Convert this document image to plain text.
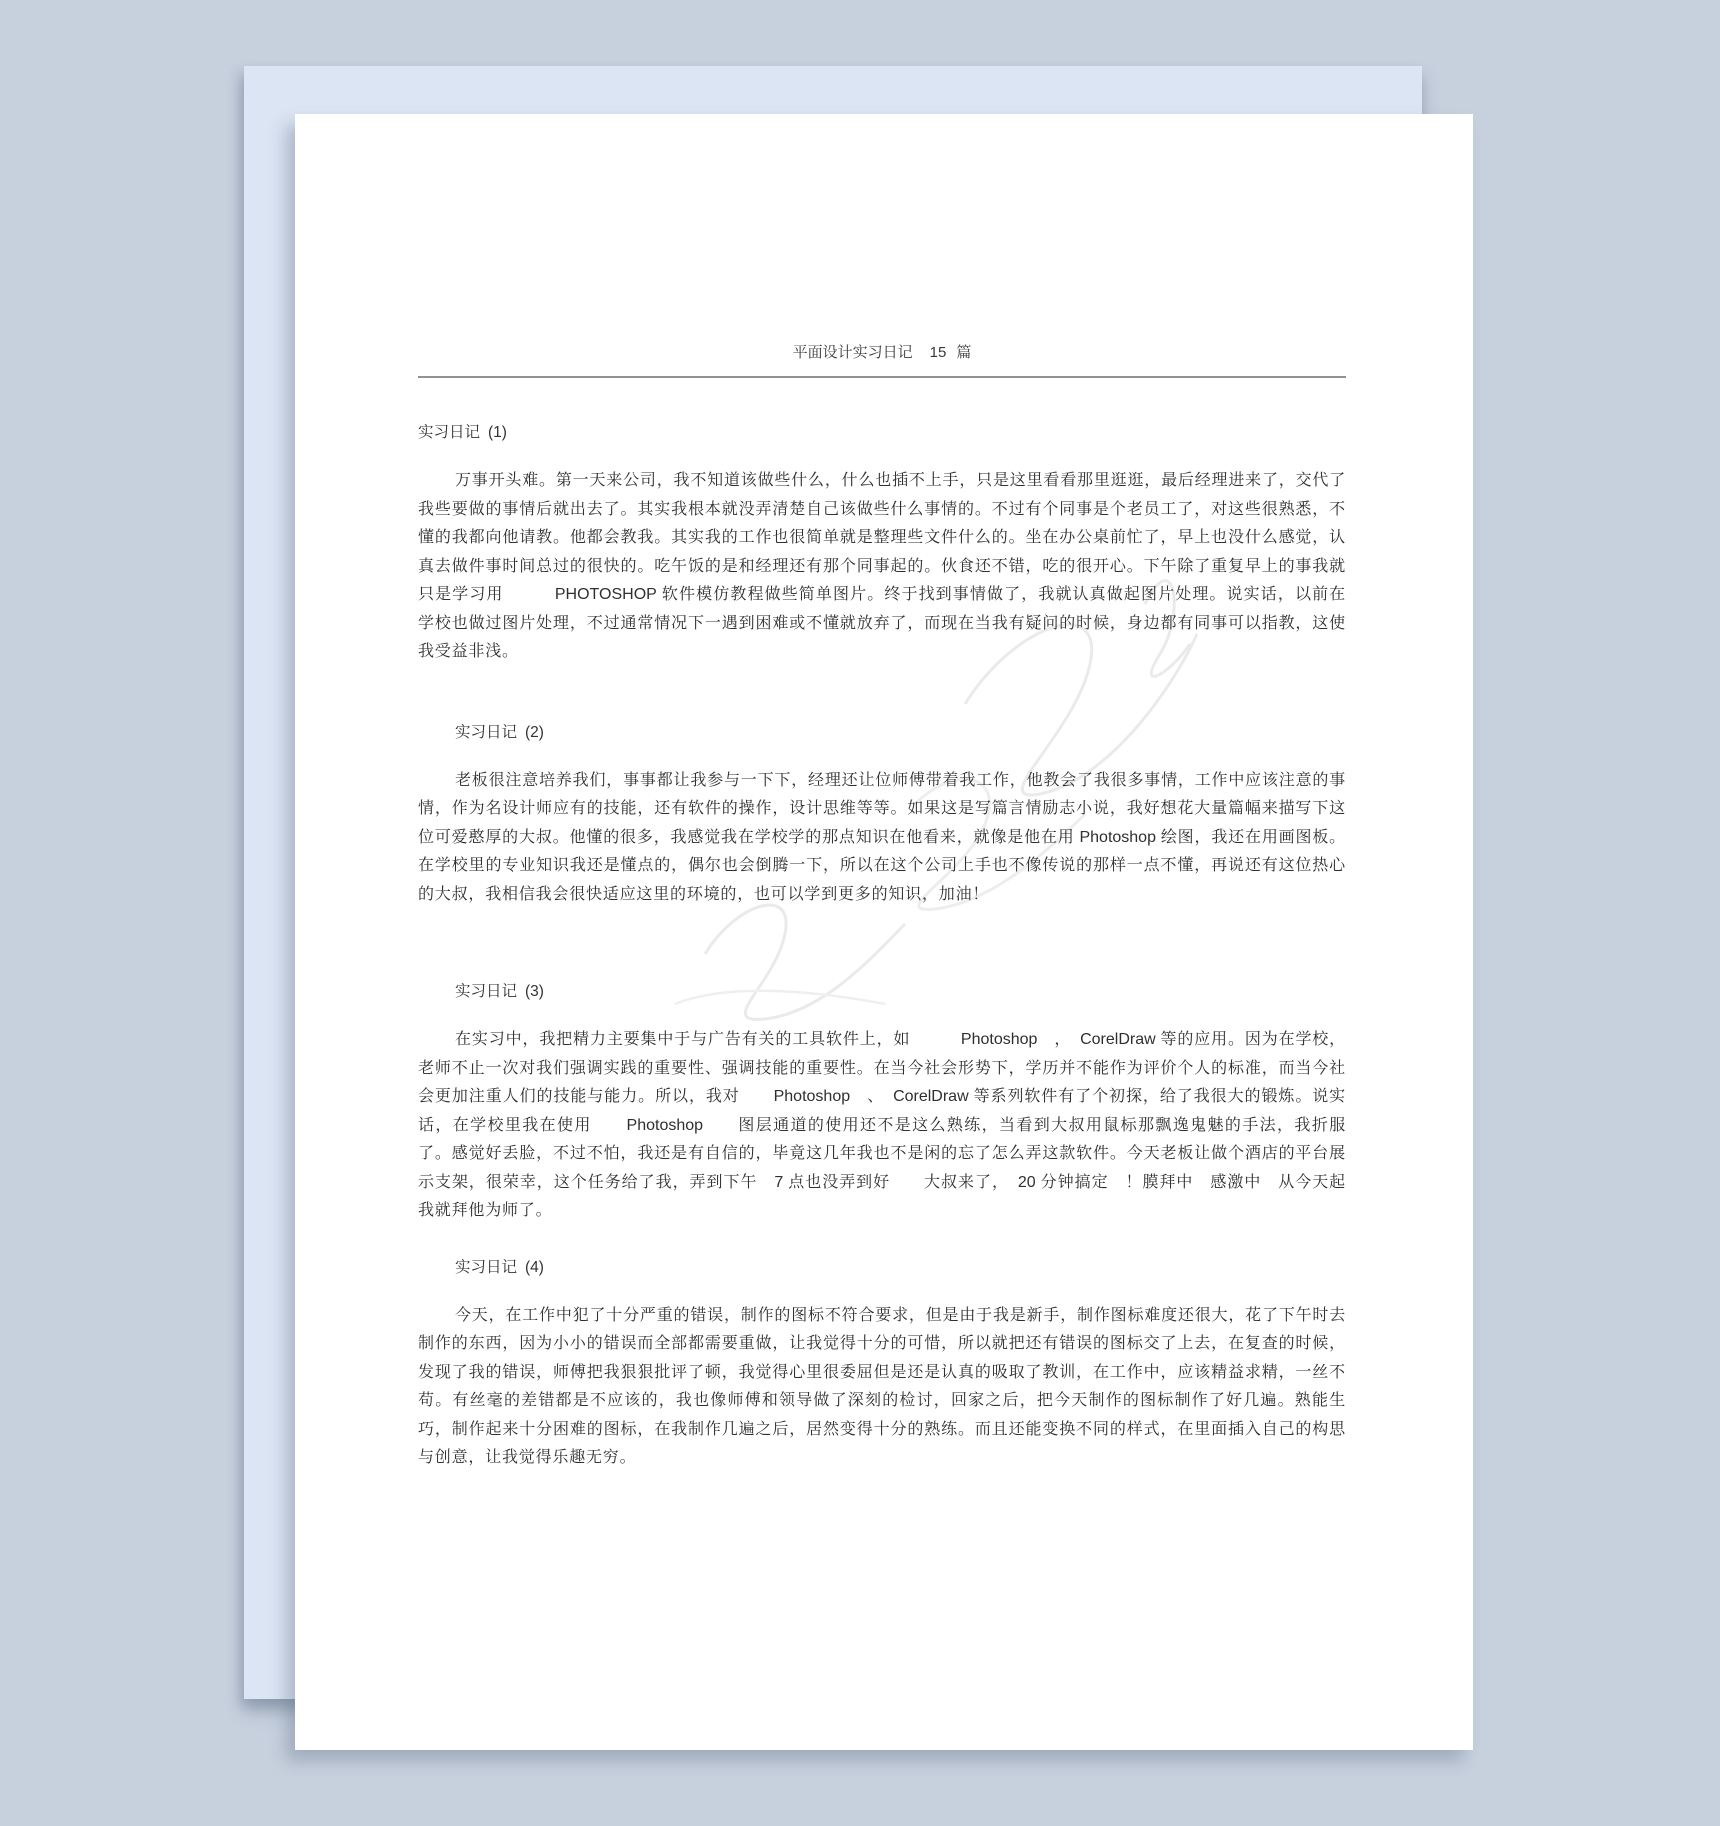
平面设计实习日记 15 篇
实习日记 (1)

万事开头难。第一天来公司，我不知道该做些什么，什么也插不上手，只是这里看看那里逛逛，最后经理进来了，交代了我些要做的事情后就出去了。其实我根本就没弄清楚自己该做些什么事情的。不过有个同事是个老员工了，对这些很熟悉，不懂的我都向他请教。他都会教我。其实我的工作也很简单就是整理些文件什么的。坐在办公桌前忙了，早上也没什么感觉，认真去做件事时间总过的很快的。吃午饭的是和经理还有那个同事起的。伙食还不错，吃的很开心。下午除了重复早上的事我就只是学习用　　　PHOTOSHOP 软件模仿教程做些简单图片。终于找到事情做了，我就认真做起图片处理。说实话，以前在学校也做过图片处理，不过通常情况下一遇到困难或不懂就放弃了，而现在当我有疑问的时候，身边都有同事可以指教，这使我受益非浅。

实习日记 (2)

老板很注意培养我们，事事都让我参与一下下，经理还让位师傅带着我工作，他教会了我很多事情，工作中应该注意的事情，作为名设计师应有的技能，还有软件的操作，设计思维等等。如果这是写篇言情励志小说，我好想花大量篇幅来描写下这位可爱憨厚的大叔。他懂的很多，我感觉我在学校学的那点知识在他看来，就像是他在用 Photoshop 绘图，我还在用画图板。在学校里的专业知识我还是懂点的，偶尔也会倒腾一下，所以在这个公司上手也不像传说的那样一点不懂，再说还有这位热心的大叔，我相信我会很快适应这里的环境的，也可以学到更多的知识，加油！

实习日记 (3)

在实习中，我把精力主要集中于与广告有关的工具软件上，如　　　Photoshop　，　CorelDraw 等的应用。因为在学校，老师不止一次对我们强调实践的重要性、强调技能的重要性。在当今社会形势下，学历并不能作为评价个人的标准，而当今社会更加注重人们的技能与能力。所以，我对　　Photoshop　、　CorelDraw 等系列软件有了个初探，给了我很大的锻炼。说实话，在学校里我在使用　　Photoshop　　图层通道的使用还不是这么熟练，当看到大叔用鼠标那飘逸鬼魅的手法，我折服了。感觉好丢脸，不过不怕，我还是有自信的，毕竟这几年我也不是闲的忘了怎么弄这款软件。今天老板让做个酒店的平台展示支架，很荣幸，这个任务给了我，弄到下午　7 点也没弄到好　　大叔来了，　20 分钟搞定　！膜拜中　感激中　从今天起我就拜他为师了。

实习日记 (4)

今天，在工作中犯了十分严重的错误，制作的图标不符合要求，但是由于我是新手，制作图标难度还很大，花了下午时去制作的东西，因为小小的错误而全部都需要重做，让我觉得十分的可惜，所以就把还有错误的图标交了上去，在复查的时候，发现了我的错误，师傅把我狠狠批评了顿，我觉得心里很委屈但是还是认真的吸取了教训，在工作中，应该精益求精，一丝不苟。有丝毫的差错都是不应该的，我也像师傅和领导做了深刻的检讨，回家之后，把今天制作的图标制作了好几遍。熟能生巧，制作起来十分困难的图标，在我制作几遍之后，居然变得十分的熟练。而且还能变换不同的样式，在里面插入自己的构思与创意，让我觉得乐趣无穷。
